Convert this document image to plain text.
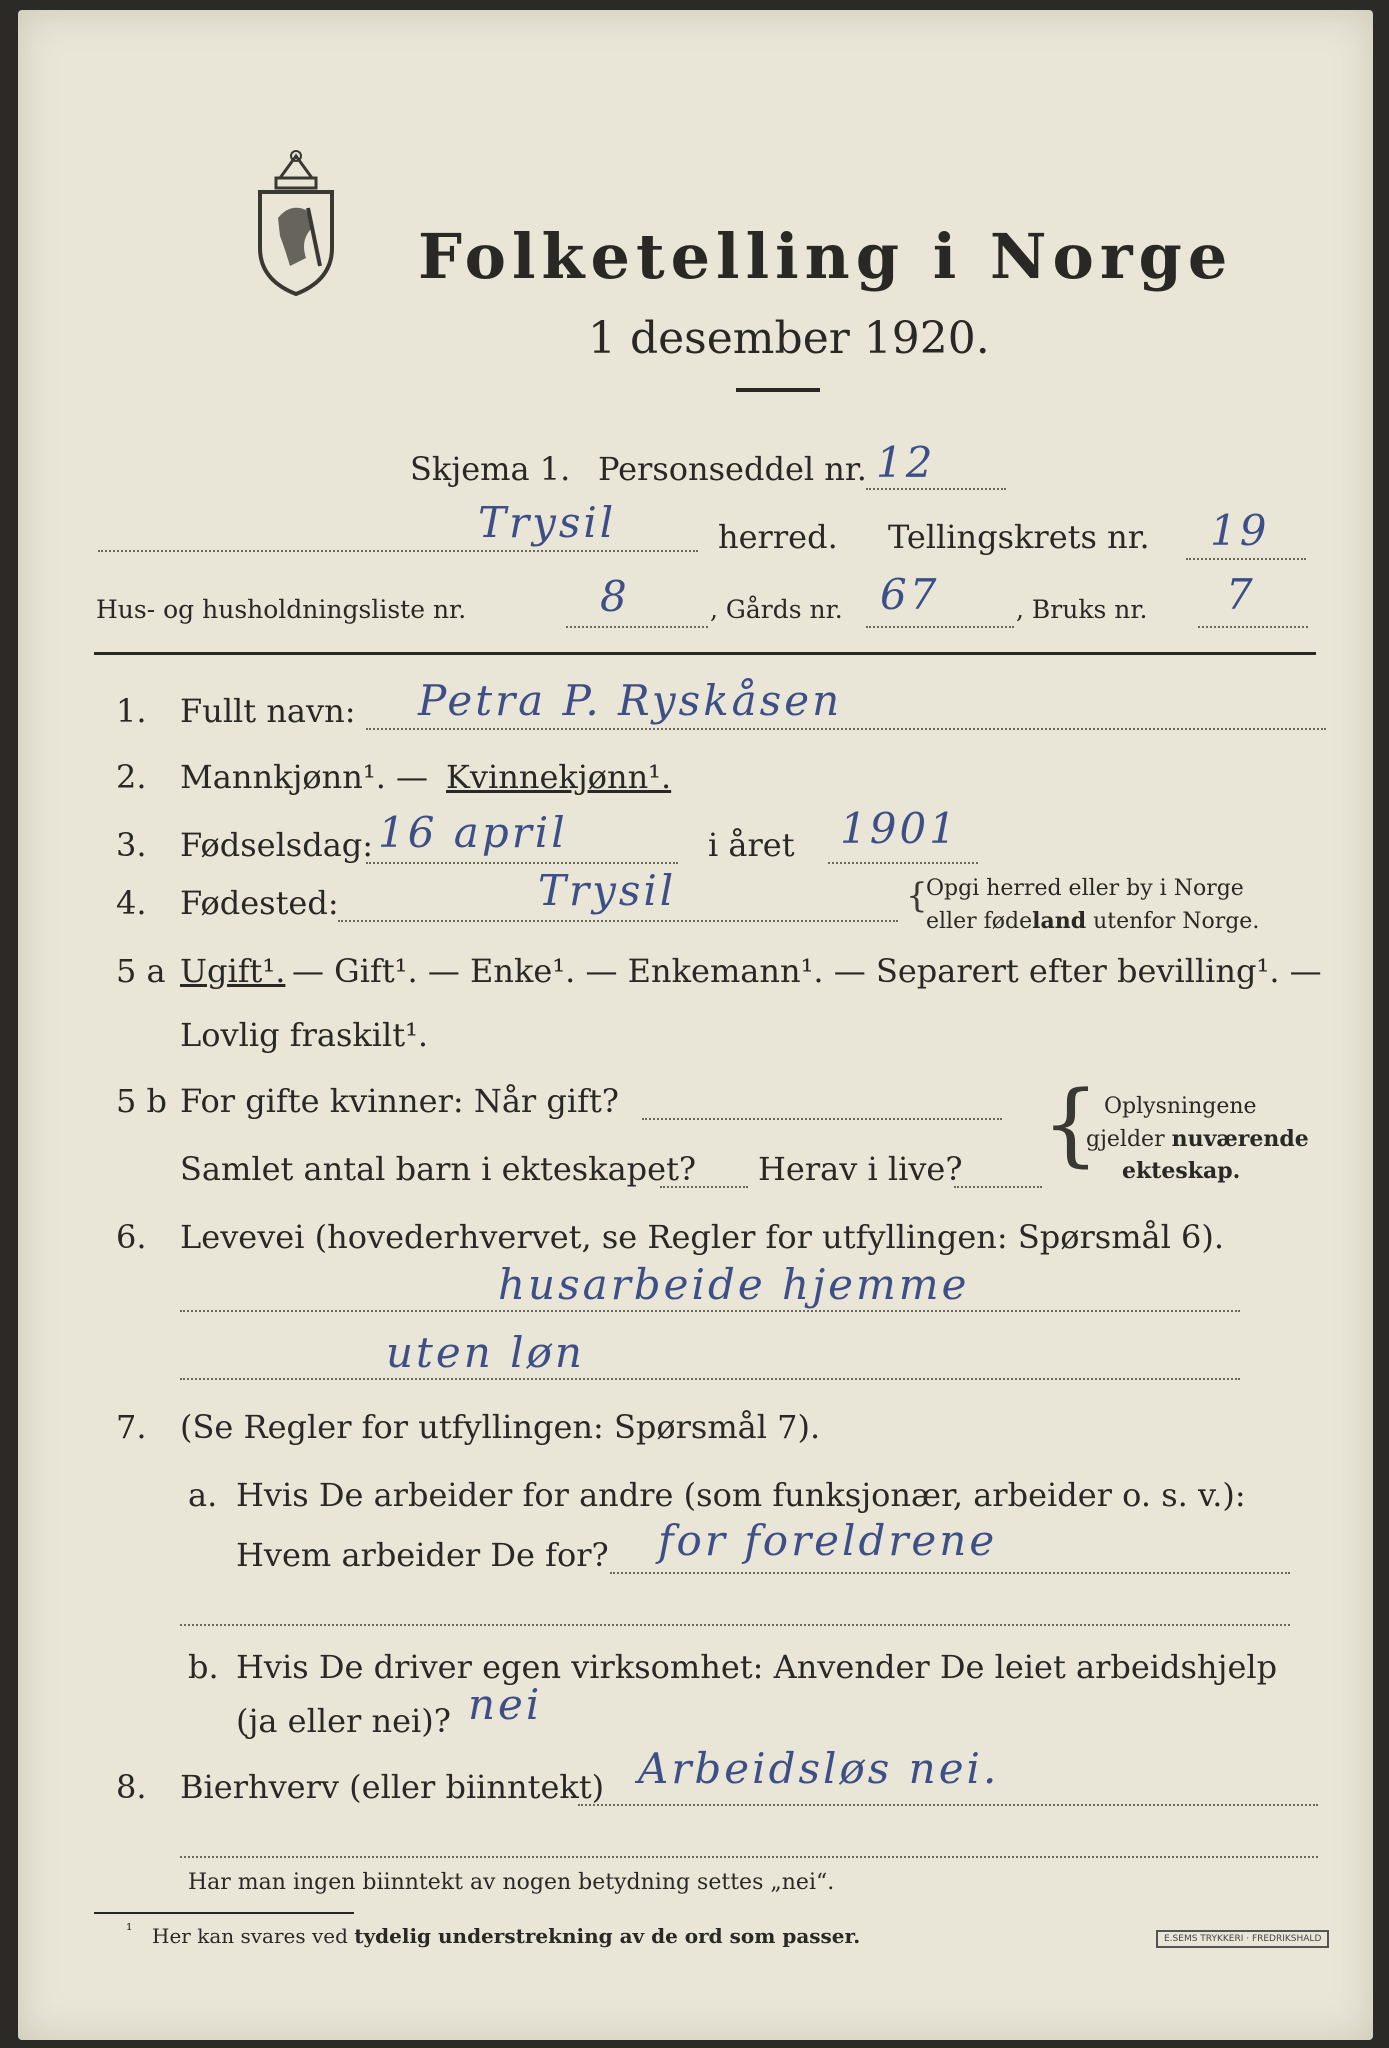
Folketelling i Norge
1 desember 1920.
Skjema 1. Personseddel nr. 12
Trysil	herred. Tellingskrets nr. 19
Hus- og husholdningsliste nr.	8	, Gårds nr. 67	, Bruks nr. 7
1. Fullt navn: Petra P. Ryskåsen
2. Mannkjønn¹. — Kvinnekjønn¹.
3. Fødselsdag: 16 april	i året 1901
4. Fødested:	Trysil	{
Opgi herred eller by i Norge
eller fødeland utenfor Norge.
5 a Ugift¹. — Gift¹. — Enke¹. — Enkemann¹. — Separert efter bevilling¹. —
Lovlig fraskilt¹.
5 b For gifte kvinner: Når gift?
Samlet antal barn i ekteskapet? Herav i live? { Oplysningene
gjelder nuværende
ekteskap.
6. Levevei (hovederhvervet, se Regler for utfyllingen: Spørsmål 6).
husarbeide hjemme
uten løn
7. (Se Regler for utfyllingen: Spørsmål 7).
a. Hvis De arbeider for andre (som funksjonær, arbeider o. s. v.):
Hvem arbeider De for? for foreldrene
b. Hvis De driver egen virksomhet: Anvender De leiet arbeidshjelp
(ja eller nei)? nei
8. Bierhverv (eller biinntekt) Arbeidsløs nei.
Har man ingen biinntekt av nogen betydning settes „nei“.
¹ Her kan svares ved tydelig understrekning av de ord som passer.	E.SEMS TRYKKERI · FREDRIKSHALD
